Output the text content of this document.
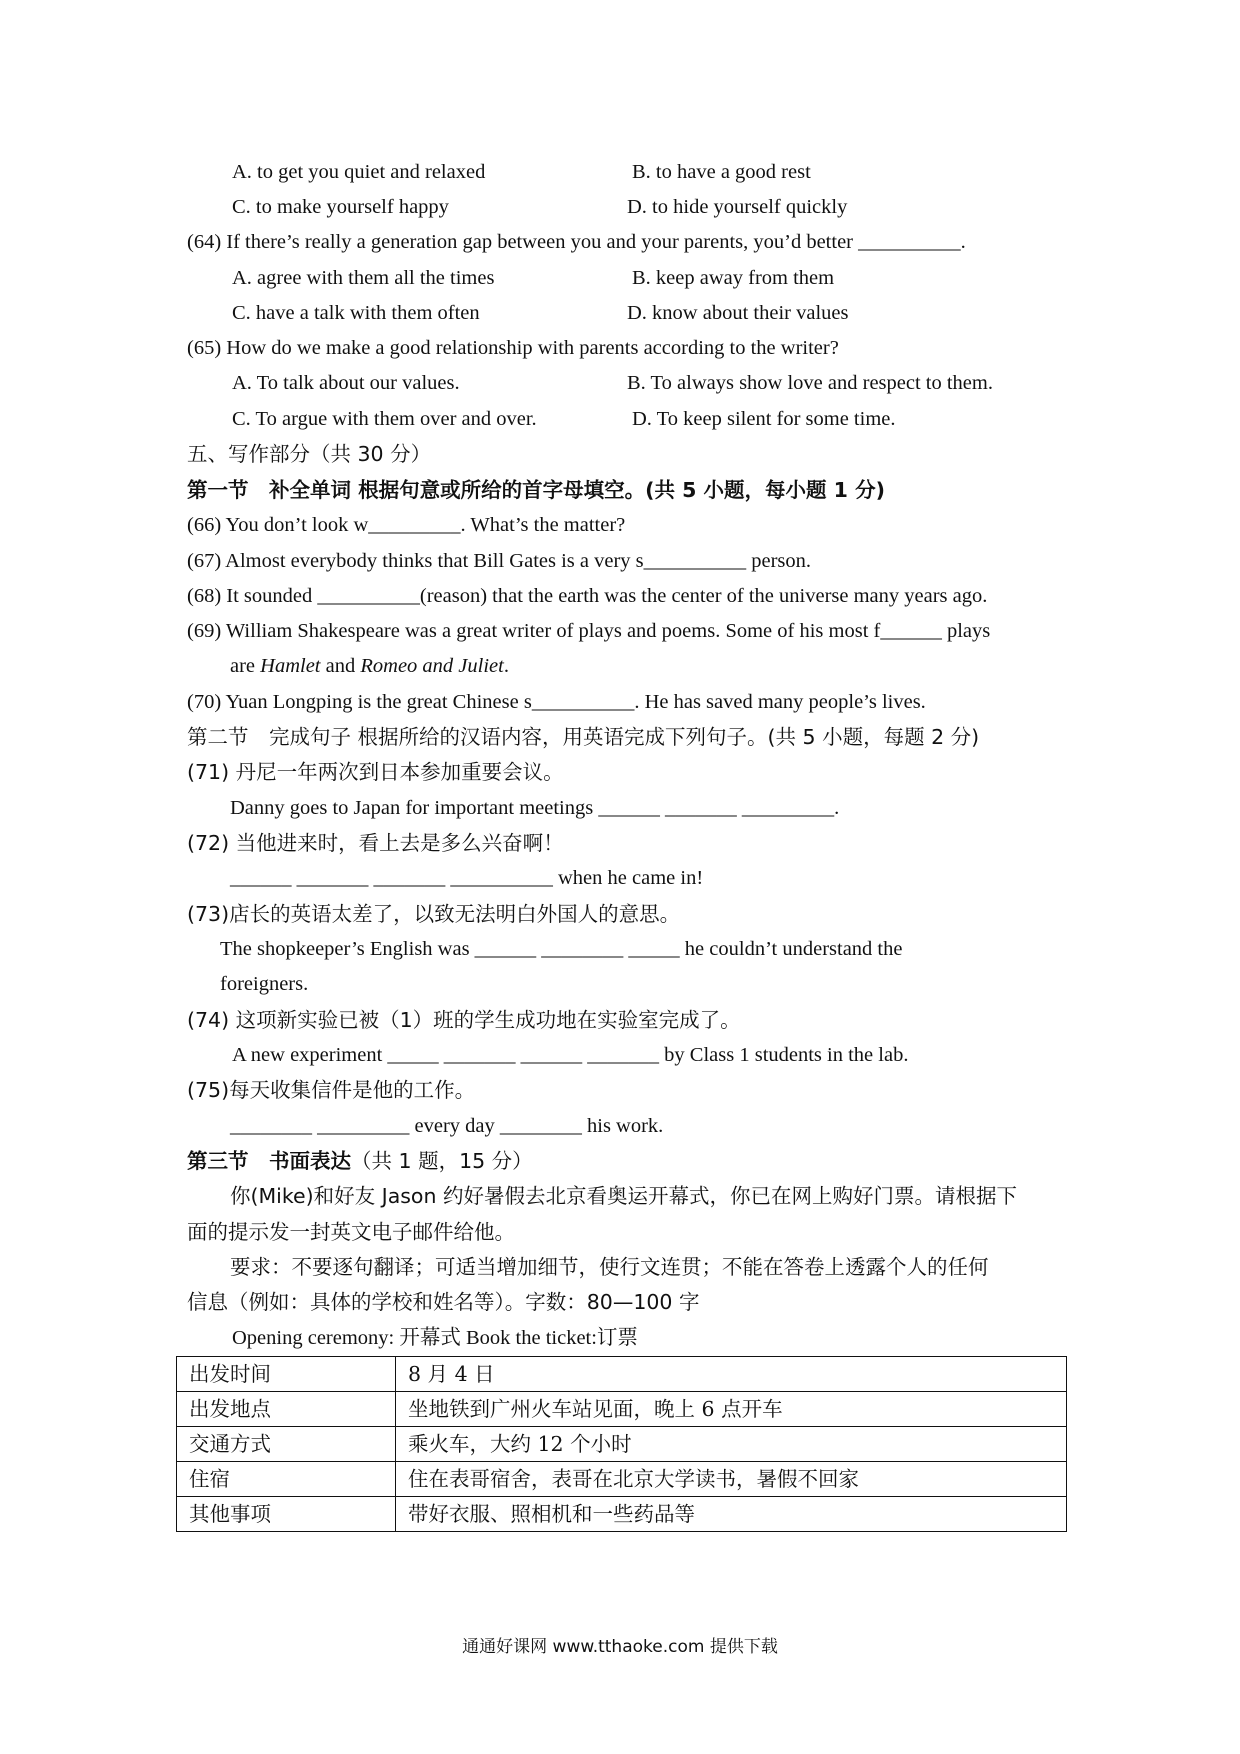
A. to get you quiet and relaxed	B. to have a good rest
C. to make yourself happy	D. to hide yourself quickly
(64) If there’s really a generation gap between you and your parents, you’d better __________.
A. agree with them all the times	B. keep away from them
C. have a talk with them often	D. know about their values
(65) How do we make a good relationship with parents according to the writer?
A. To talk about our values.	B. To always show love and respect to them.
C. To argue with them over and over.	D. To keep silent for some time.
五、写作部分（共 30 分）
第一节　补全单词 根据句意或所给的首字母填空。(共 5 小题，每小题 1 分)
(66) You don’t look w_________. What’s the matter?
(67) Almost everybody thinks that Bill Gates is a very s__________ person.
(68) It sounded __________(reason) that the earth was the center of the universe many years ago.
(69) William Shakespeare was a great writer of plays and poems. Some of his most f______ plays
are Hamlet and Romeo and Juliet.
(70) Yuan Longping is the great Chinese s__________. He has saved many people’s lives.
第二节　完成句子 根据所给的汉语内容，用英语完成下列句子。(共 5 小题，每题 2 分)
(71) 丹尼一年两次到日本参加重要会议。
Danny goes to Japan for important meetings ______ _______ _________.
(72) 当他进来时，看上去是多么兴奋啊！
______ _______ _______ __________ when he came in!
(73)店长的英语太差了，以致无法明白外国人的意思。
The shopkeeper’s English was ______ ________ _____ he couldn’t understand the
foreigners.
(74) 这项新实验已被（1）班的学生成功地在实验室完成了。
A new experiment _____ _______ ______ _______ by Class 1 students in the lab.
(75)每天收集信件是他的工作。
________ _________ every day ________ his work.
第三节　书面表达（共 1 题，15 分）
你(Mike)和好友 Jason 约好暑假去北京看奥运开幕式，你已在网上购好门票。请根据下
面的提示发一封英文电子邮件给他。
要求：不要逐句翻译；可适当增加细节，使行文连贯；不能在答卷上透露个人的任何
信息（例如：具体的学校和姓名等）。字数：80—100 字
Opening ceremony: 开幕式 Book the ticket:订票
出发时间	8 月 4 日
出发地点	坐地铁到广州火车站见面，晚上 6 点开车
交通方式	乘火车，大约 12 个小时
住宿	住在表哥宿舍，表哥在北京大学读书，暑假不回家
其他事项	带好衣服、照相机和一些药品等
通通好课网 www.tthaoke.com 提供下载
